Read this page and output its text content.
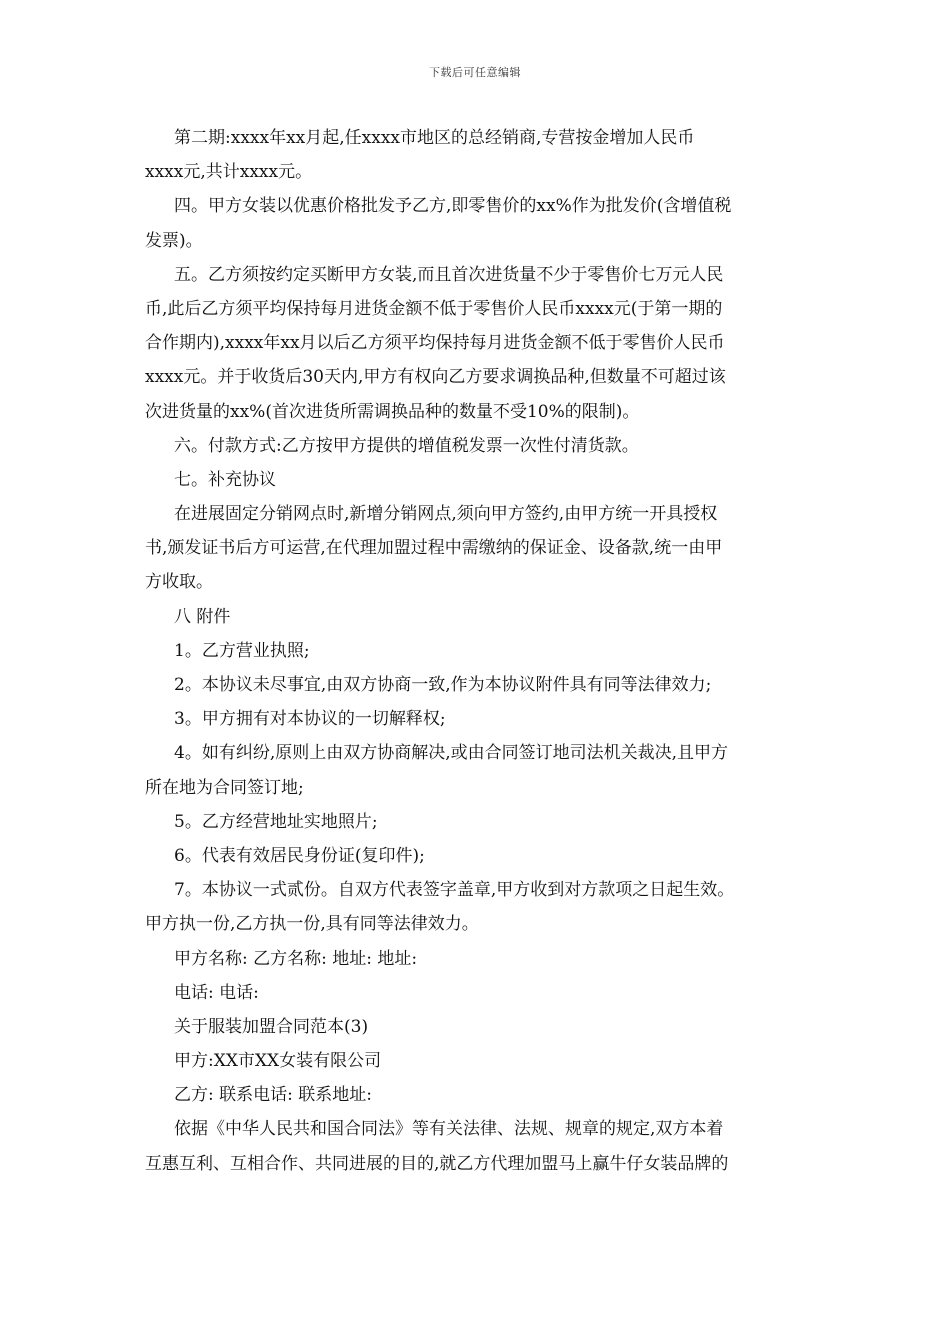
下载后可任意编辑
第二期:xxxx年xx月起,任xxxx市地区的总经销商,专营按金增加人民币
xxxx元,共计xxxx元。
四。甲方女装以优惠价格批发予乙方,即零售价的xx%作为批发价(含增值税
发票)。
五。乙方须按约定买断甲方女装,而且首次进货量不少于零售价七万元人民
币,此后乙方须平均保持每月进货金额不低于零售价人民币xxxx元(于第一期的
合作期内),xxxx年xx月以后乙方须平均保持每月进货金额不低于零售价人民币
xxxx元。并于收货后30天内,甲方有权向乙方要求调换品种,但数量不可超过该
次进货量的xx%(首次进货所需调换品种的数量不受10%的限制)。
六。付款方式:乙方按甲方提供的增值税发票一次性付清货款。
七。补充协议
在进展固定分销网点时,新增分销网点,须向甲方签约,由甲方统一开具授权
书,颁发证书后方可运营,在代理加盟过程中需缴纳的保证金、设备款,统一由甲
方收取。
八 附件
1。乙方营业执照;
2。本协议未尽事宜,由双方协商一致,作为本协议附件具有同等法律效力;
3。甲方拥有对本协议的一切解释权;
4。如有纠纷,原则上由双方协商解决,或由合同签订地司法机关裁决,且甲方
所在地为合同签订地;
5。乙方经营地址实地照片;
6。代表有效居民身份证(复印件);
7。本协议一式贰份。自双方代表签字盖章,甲方收到对方款项之日起生效。
甲方执一份,乙方执一份,具有同等法律效力。
甲方名称: 乙方名称: 地址: 地址:
电话: 电话:
关于服装加盟合同范本(3)
甲方:XX市XX女装有限公司
乙方: 联系电话: 联系地址:
依据《中华人民共和国合同法》等有关法律、法规、规章的规定,双方本着
互惠互利、互相合作、共同进展的目的,就乙方代理加盟马上赢牛仔女装品牌的
